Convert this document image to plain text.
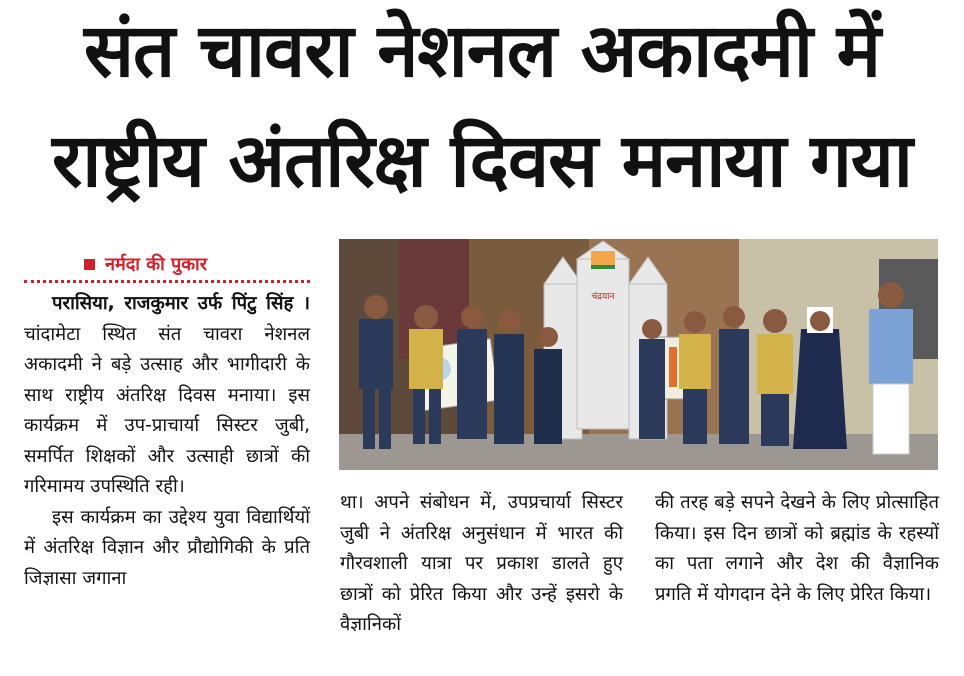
संत चावरा नेशनल अकादमी में
राष्ट्रीय अंतरिक्ष दिवस मनाया गया
नर्मदा की पुकार
चंद्रयान

परासिया, राजकुमार उर्फ पिंटु सिंह । चांदामेटा स्थित संत चावरा नेशनल अकादमी ने बड़े उत्साह और भागीदारी के साथ राष्ट्रीय अंतरिक्ष दिवस मनाया। इस कार्यक्रम में उप-प्राचार्या सिस्टर जुबी, समर्पित शिक्षकों और उत्साही छात्रों की गरिमामय उपस्थिति रही।

इस कार्यक्रम का उद्देश्य युवा विद्यार्थियों में अंतरिक्ष विज्ञान और प्रौद्योगिकी के प्रति जिज्ञासा जगाना

था। अपने संबोधन में, उपप्रचार्या सिस्टर जुबी ने अंतरिक्ष अनुसंधान में भारत की गौरवशाली यात्रा पर प्रकाश डालते हुए छात्रों को प्रेरित किया और उन्हें इसरो के वैज्ञानिकों

की तरह बड़े सपने देखने के लिए प्रोत्साहित किया। इस दिन छात्रों को ब्रह्मांड के रहस्यों का पता लगाने और देश की वैज्ञानिक प्रगति में योगदान देने के लिए प्रेरित किया।
